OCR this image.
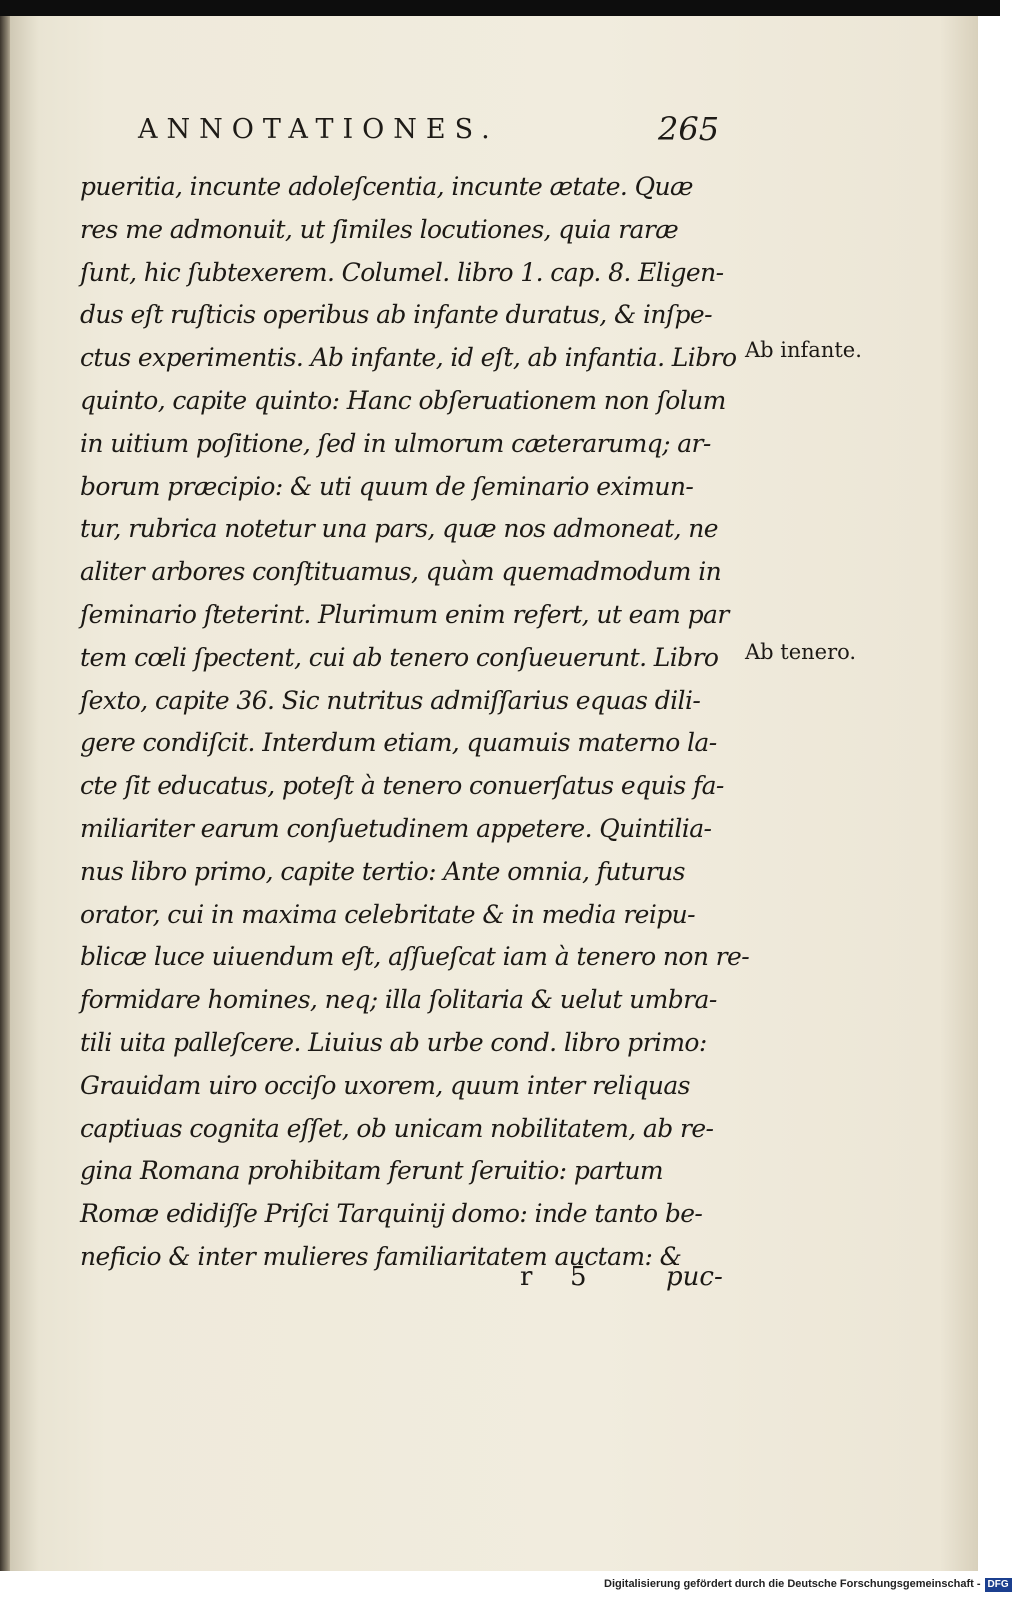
ANNOTATIONES.	265
pueritia, incunte adoleſcentia, incunte ætate. Quæ
res me admonuit, ut ſimiles locutiones, quia raræ
ſunt, hic ſubtexerem. Columel. libro 1. cap. 8. Eligen-
dus eſt ruſticis operibus ab infante duratus, & inſpe-
ctus experimentis. Ab infante, id eſt, ab infantia. Libro
quinto, capite quinto: Hanc obſeruationem non ſolum
in uitium poſitione, ſed in ulmorum cæterarumq; ar-
borum præcipio: & uti quum de ſeminario eximun-
tur, rubrica notetur una pars, quæ nos admoneat, ne
aliter arbores conſtituamus, quàm quemadmodum in
ſeminario ſteterint. Plurimum enim refert, ut eam par
tem cœli ſpectent, cui ab tenero conſueuerunt. Libro
ſexto, capite 36. Sic nutritus admiſſarius equas dili-
gere condiſcit. Interdum etiam, quamuis materno la-
cte ſit educatus, poteſt à tenero conuerſatus equis fa-
miliariter earum conſuetudinem appetere. Quintilia-
nus libro primo, capite tertio: Ante omnia, futurus
orator, cui in maxima celebritate & in media reipu-
blicæ luce uiuendum eſt, aſſueſcat iam à tenero non re-
formidare homines, neq; illa ſolitaria & uelut umbra-
tili uita palleſcere. Liuius ab urbe cond. libro primo:
Grauidam uiro occiſo uxorem, quum inter reliquas
captiuas cognita eſſet, ob unicam nobilitatem, ab re-
gina Romana prohibitam ferunt ſeruitio: partum
Romæ edidiſſe Priſci Tarquinij domo: inde tanto be-
neficio & inter mulieres familiaritatem auctam: &
r 5	puc-
Ab infante.
Ab tenero.
Digitalisierung gefördert durch die Deutsche Forschungsgemeinschaft - DFG
